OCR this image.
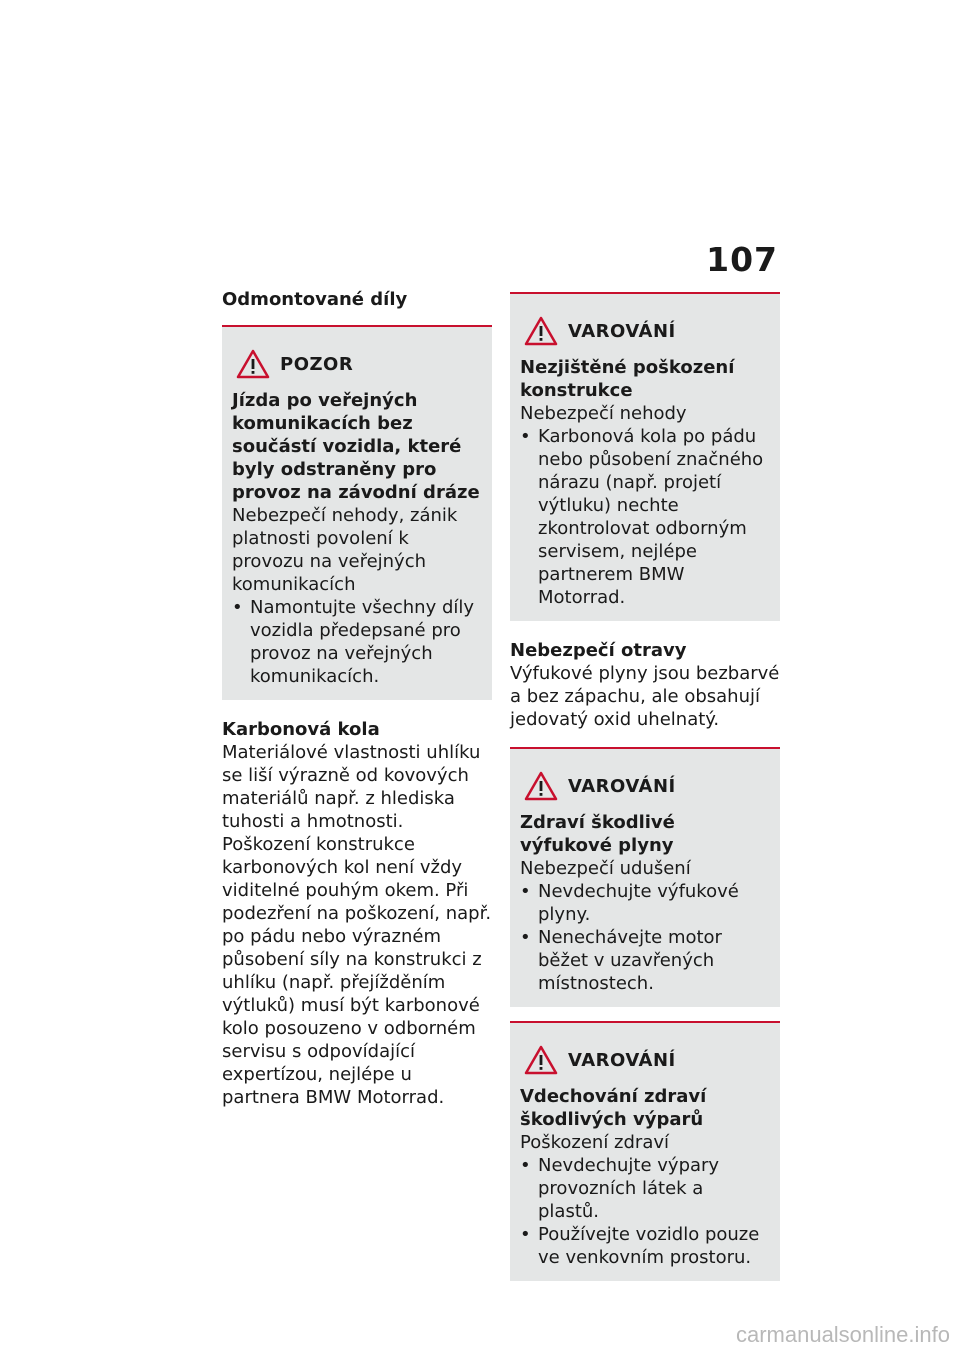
107

Odmontované díly

POZOR

Jízda po veřejných komunikacích bez součástí vozidla, které byly odstraněny pro provoz na závodní dráze

Nebezpečí nehody, zánik platnosti povolení k provozu na veřejných komunikacích

• Namontujte všechny díly vozidla předepsané pro provoz na veřejných komunikacích.

Karbonová kola

Materiálové vlastnosti uhlíku se liší výrazně od kovových materiálů např. z hlediska tuhosti a hmotnosti.

Poškození konstrukce karbonových kol není vždy viditelné pouhým okem. Při podezření na poškození, např. po pádu nebo výrazném působení síly na konstrukci z uhlíku (např. přejížděním výtluků) musí být karbonové kolo posouzeno v odborném servisu s odpovídající expertízou, nejlépe u partnera BMW Motorrad.

VAROVÁNÍ

Nezjištěné poškození konstrukce

Nebezpečí nehody

• Karbonová kola po pádu nebo působení značného nárazu (např. projetí výtluku) nechte zkontrolovat odborným servisem, nejlépe partnerem BMW Motorrad.

Nebezpečí otravy

Výfukové plyny jsou bezbarvé a bez zápachu, ale obsahují jedovatý oxid uhelnatý.

VAROVÁNÍ

Zdraví škodlivé výfukové plyny

Nebezpečí udušení

• Nevdechujte výfukové plyny.
• Nenechávejte motor běžet v uzavřených místnostech.
VAROVÁNÍ

Vdechování zdraví škodlivých výparů

Poškození zdraví

• Nevdechujte výpary provozních látek a plastů.
• Používejte vozidlo pouze ve venkovním prostoru.
carmanualsonline.info
